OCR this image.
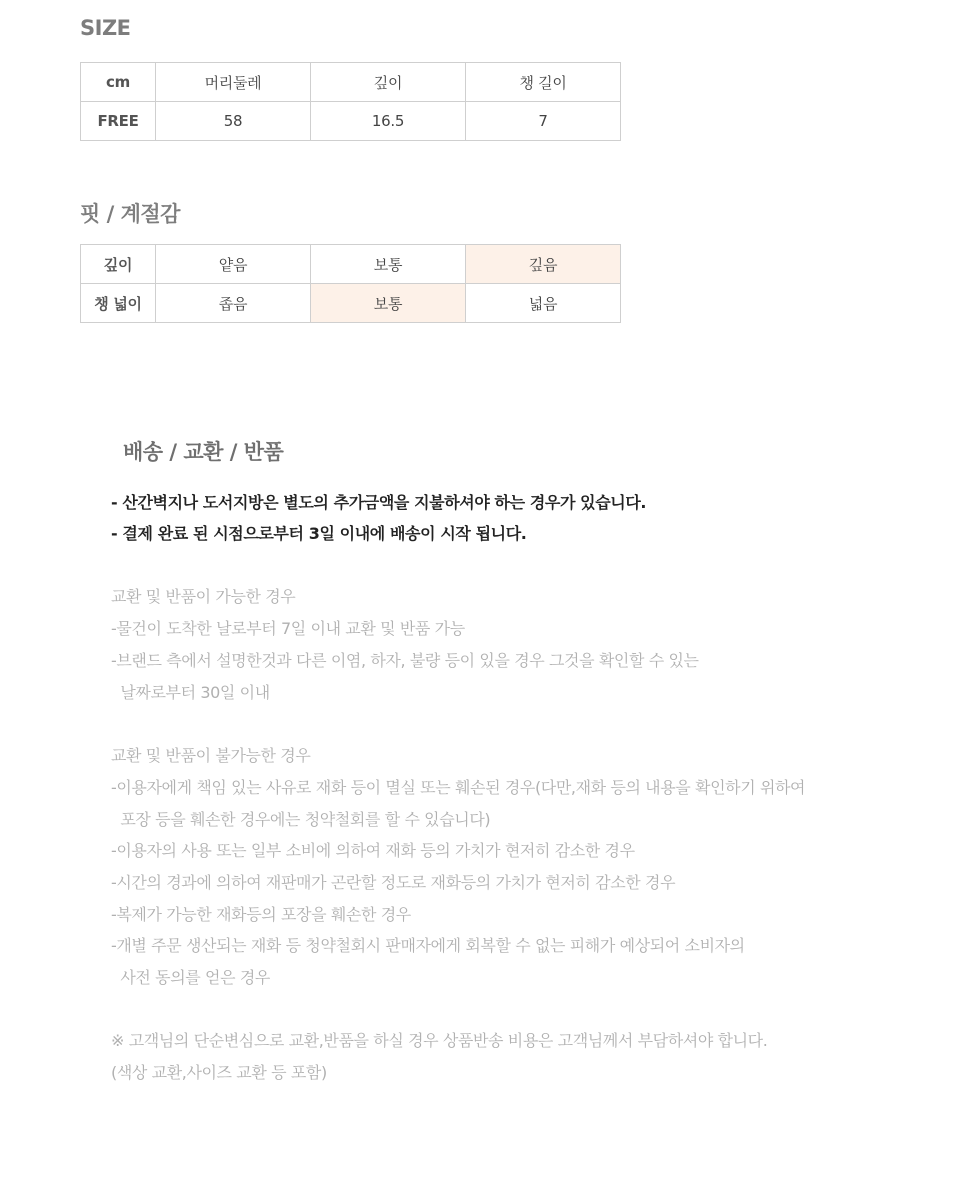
SIZE
cm	머리둘레	깊이	챙 길이
FREE	58	16.5	7
핏 / 계절감
깊이	얕음	보통	깊음
챙 넓이	좁음	보통	넓음
배송 / 교환 / 반품
- 산간벽지나 도서지방은 별도의 추가금액을 지불하셔야 하는 경우가 있습니다.
- 결제 완료 된 시점으로부터 3일 이내에 배송이 시작 됩니다.
교환 및 반품이 가능한 경우
-물건이 도착한 날로부터 7일 이내 교환 및 반품 가능
-브랜드 측에서 설명한것과 다른 이염, 하자, 불량 등이 있을 경우 그것을 확인할 수 있는
날짜로부터 30일 이내
교환 및 반품이 불가능한 경우
-이용자에게 책임 있는 사유로 재화 등이 멸실 또는 훼손된 경우(다만,재화 등의 내용을 확인하기 위하여
포장 등을 훼손한 경우에는 청약철회를 할 수 있습니다)
-이용자의 사용 또는 일부 소비에 의하여 재화 등의 가치가 현저히 감소한 경우
-시간의 경과에 의하여 재판매가 곤란할 정도로 재화등의 가치가 현저히 감소한 경우
-복제가 가능한 재화등의 포장을 훼손한 경우
-개별 주문 생산되는 재화 등 청약철회시 판매자에게 회복할 수 없는 피해가 예상되어 소비자의
사전 동의를 얻은 경우
※ 고객님의 단순변심으로 교환,반품을 하실 경우 상품반송 비용은 고객님께서 부담하셔야 합니다.
(색상 교환,사이즈 교환 등 포함)
